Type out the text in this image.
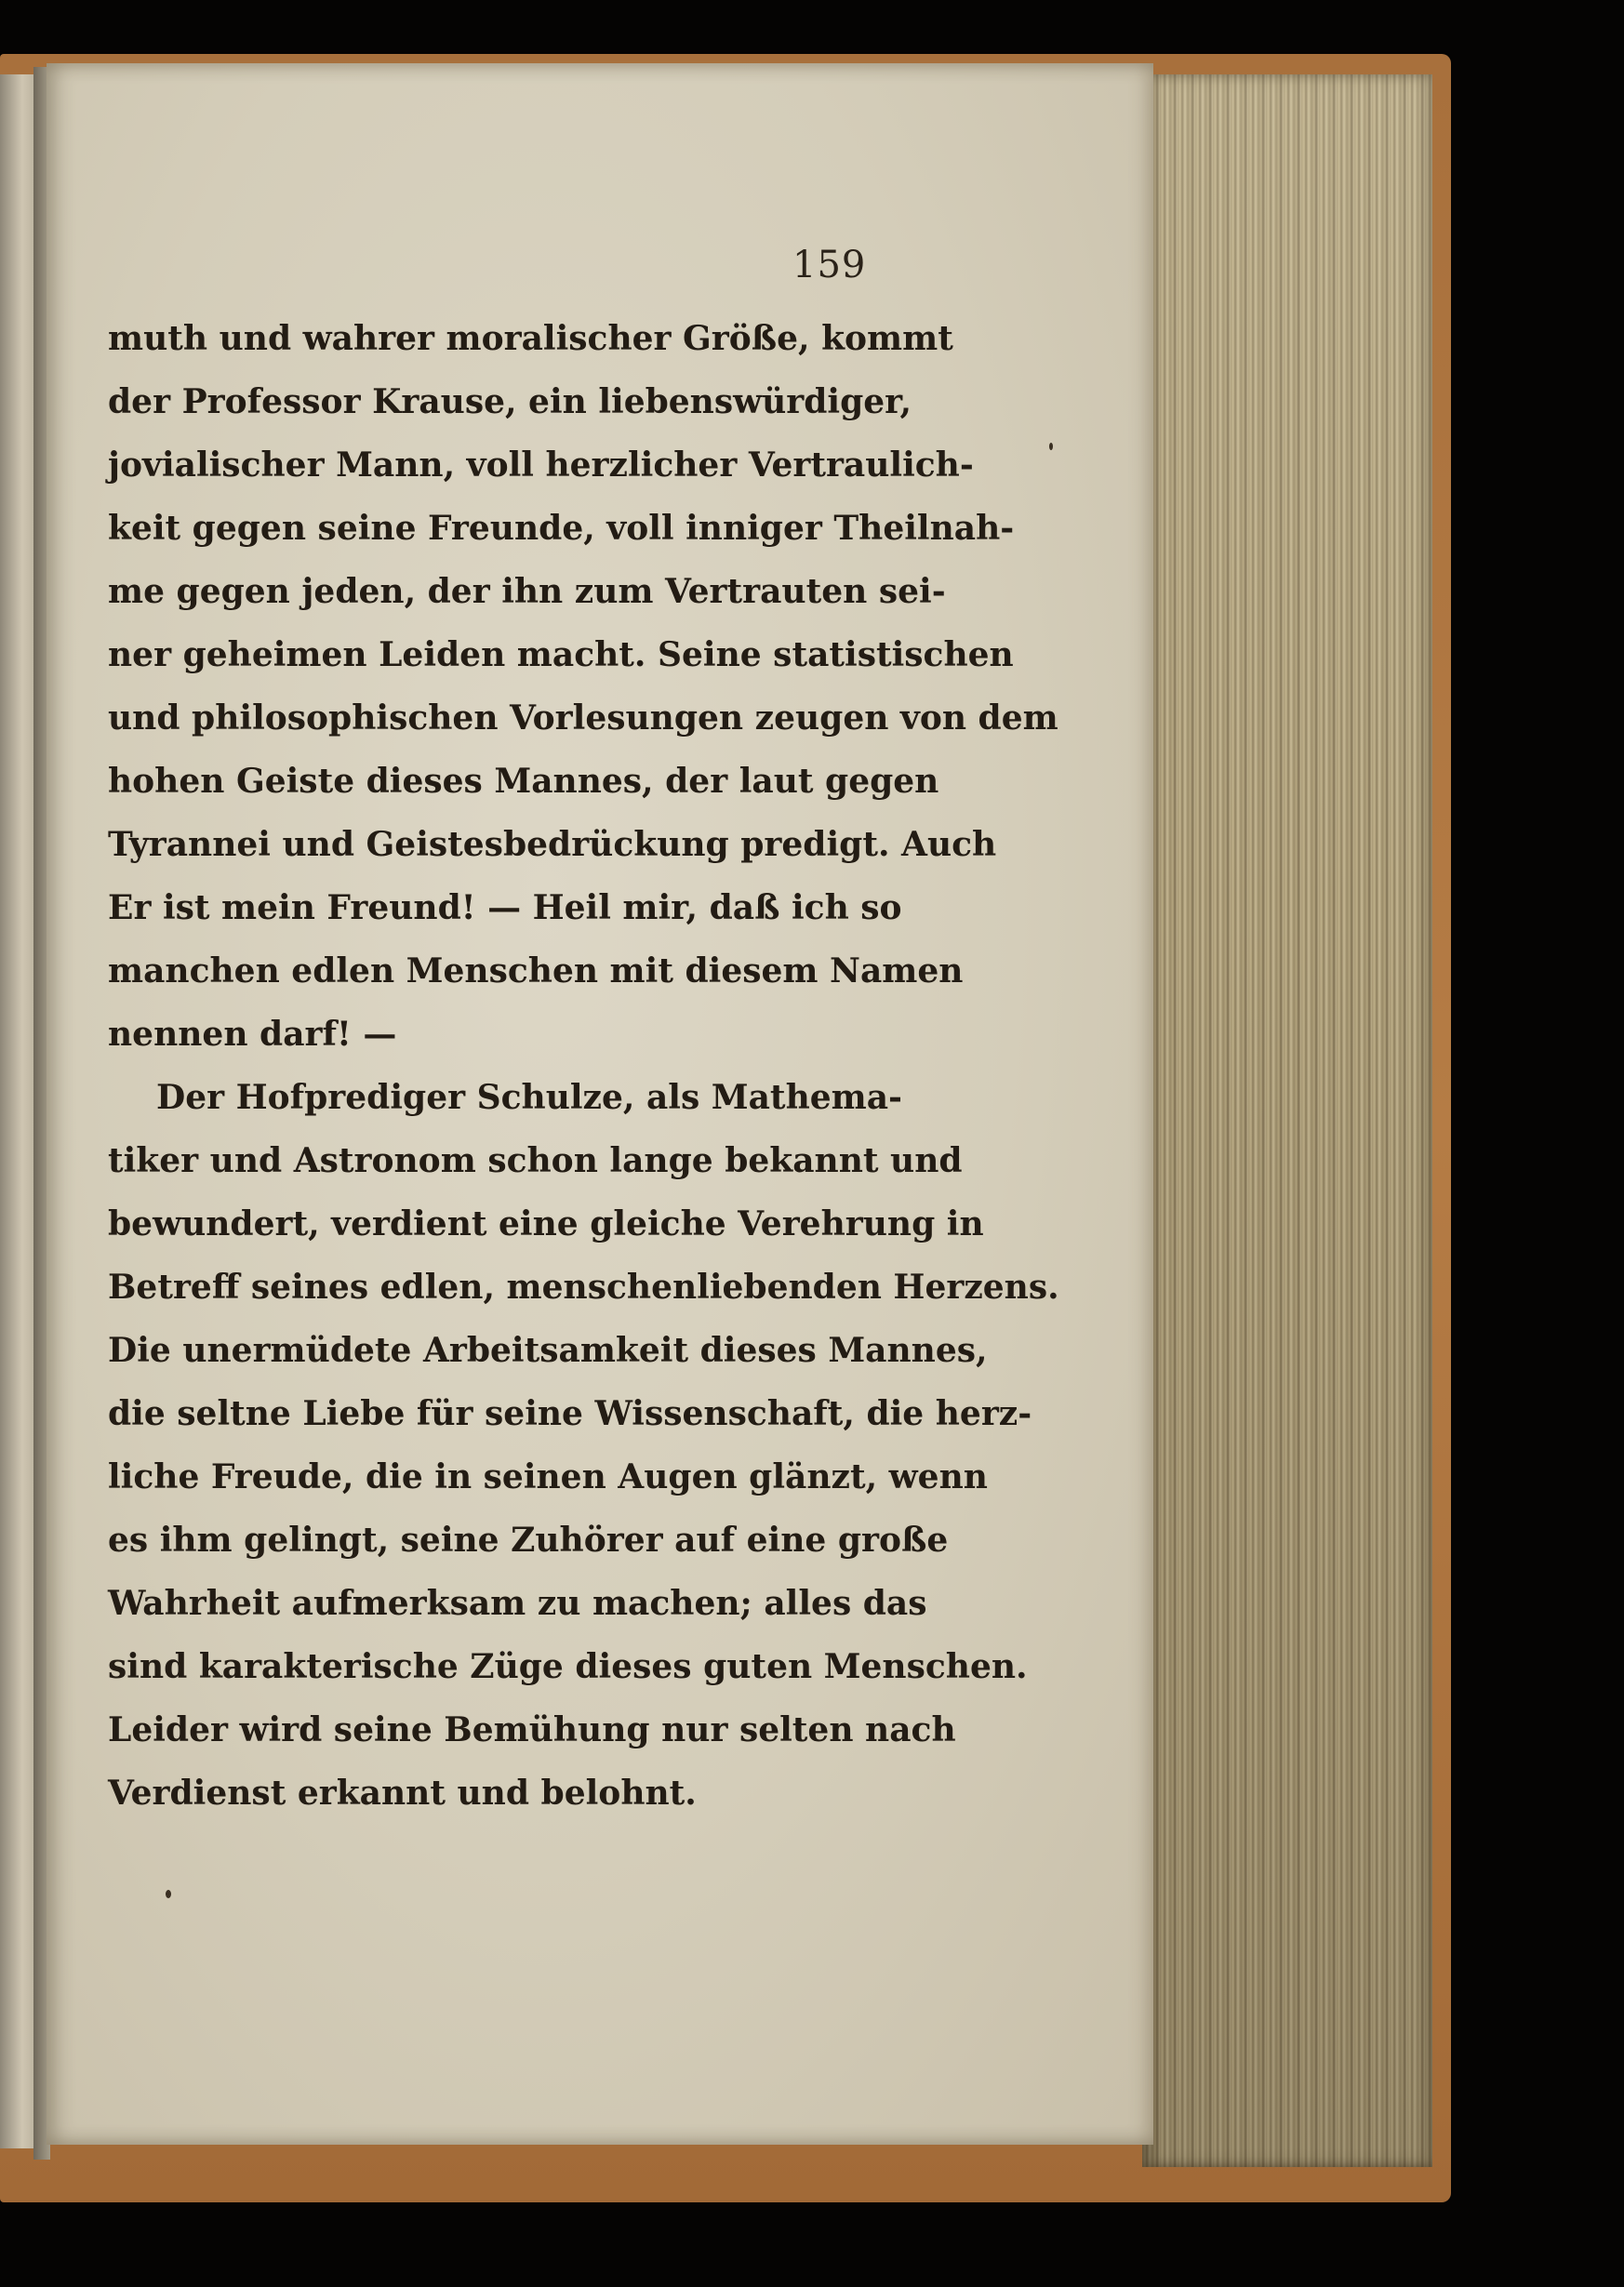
159
muth und wahrer moralischer Größe, kommt
der Professor Krause, ein liebenswürdiger,
jovialischer Mann, voll herzlicher Vertraulich-
keit gegen seine Freunde, voll inniger Theilnah-
me gegen jeden, der ihn zum Vertrauten sei-
ner geheimen Leiden macht. Seine statistischen
und philosophischen Vorlesungen zeugen von dem
hohen Geiste dieses Mannes, der laut gegen
Tyrannei und Geistesbedrückung predigt. Auch
Er ist mein Freund! — Heil mir, daß ich so
manchen edlen Menschen mit diesem Namen
nennen darf! —
Der Hofprediger Schulze, als Mathema-
tiker und Astronom schon lange bekannt und
bewundert, verdient eine gleiche Verehrung in
Betreff seines edlen, menschenliebenden Herzens.
Die unermüdete Arbeitsamkeit dieses Mannes,
die seltne Liebe für seine Wissenschaft, die herz-
liche Freude, die in seinen Augen glänzt, wenn
es ihm gelingt, seine Zuhörer auf eine große
Wahrheit aufmerksam zu machen; alles das
sind karakterische Züge dieses guten Menschen.
Leider wird seine Bemühung nur selten nach
Verdienst erkannt und belohnt.
